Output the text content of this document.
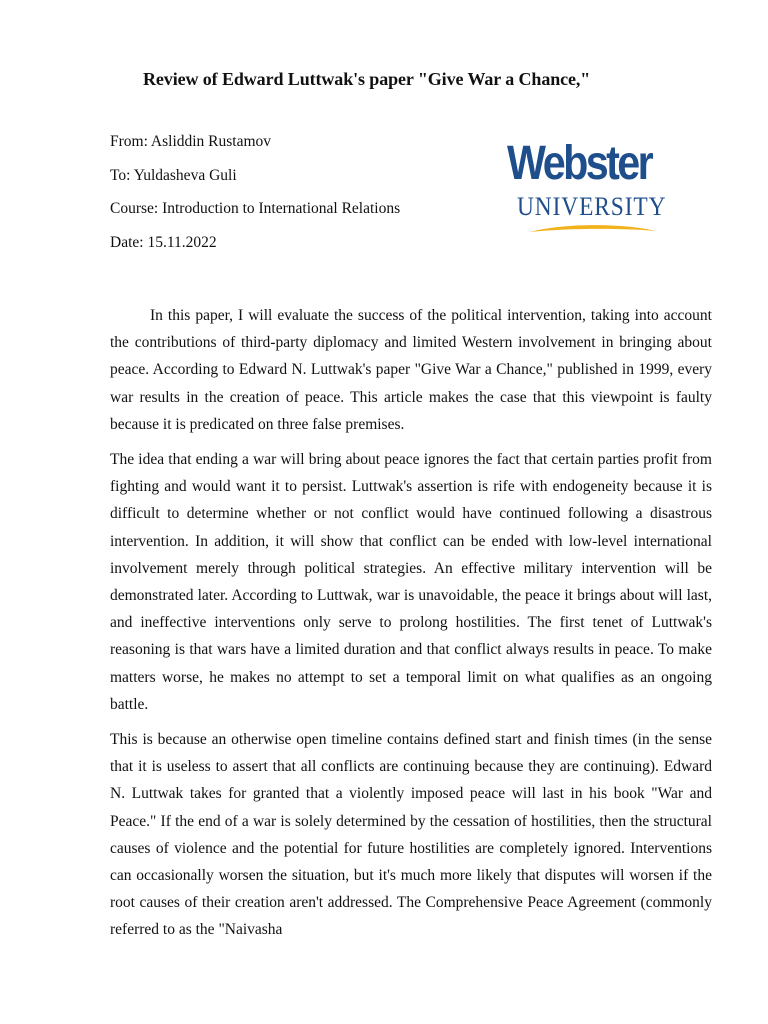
Review of Edward Luttwak's paper "Give War a Chance,"
From: Asliddin Rustamov
To: Yuldasheva Guli
Course: Introduction to International Relations
Date: 15.11.2022
Webster
UNIVERSITY

In this paper, I will evaluate the success of the political intervention, taking into account the contributions of third-party diplomacy and limited Western involvement in bringing about peace. According to Edward N. Luttwak's paper "Give War a Chance," published in 1999, every war results in the creation of peace. This article makes the case that this viewpoint is faulty because it is predicated on three false premises.

The idea that ending a war will bring about peace ignores the fact that certain parties profit from fighting and would want it to persist. Luttwak's assertion is rife with endogeneity because it is difficult to determine whether or not conflict would have continued following a disastrous intervention. In addition, it will show that conflict can be ended with low-level international involvement merely through political strategies. An effective military intervention will be demonstrated later. According to Luttwak, war is unavoidable, the peace it brings about will last, and ineffective interventions only serve to prolong hostilities. The first tenet of Luttwak's reasoning is that wars have a limited duration and that conflict always results in peace. To make matters worse, he makes no attempt to set a temporal limit on what qualifies as an ongoing battle.

This is because an otherwise open timeline contains defined start and finish times (in the sense that it is useless to assert that all conflicts are continuing because they are continuing). Edward N. Luttwak takes for granted that a violently imposed peace will last in his book "War and Peace." If the end of a war is solely determined by the cessation of hostilities, then the structural causes of violence and the potential for future hostilities are completely ignored. Interventions can occasionally worsen the situation, but it's much more likely that disputes will worsen if the root causes of their creation aren't addressed. The Comprehensive Peace Agreement (commonly referred to as the "Naivasha
